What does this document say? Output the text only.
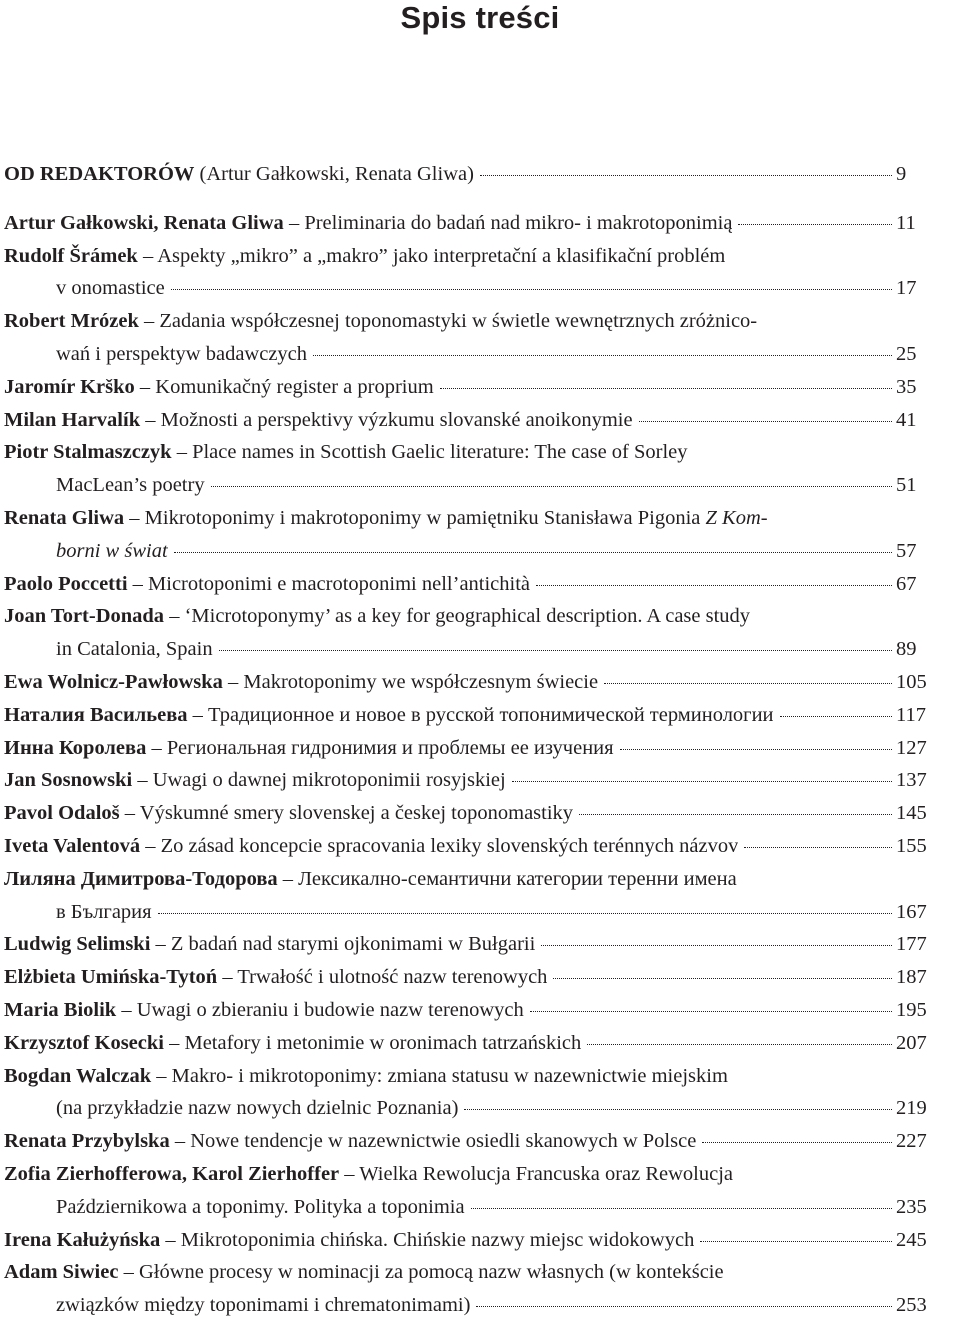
Spis treści
OD REDAKTORÓW (Artur Gałkowski, Renata Gliwa)	9
Artur Gałkowski, Renata Gliwa – Preliminaria do badań nad mikro- i makrotoponimią	11
Rudolf Šrámek – Aspekty „mikro” a „makro” jako interpretační a klasifikační problém
v onomastice	17
Robert Mrózek – Zadania współczesnej toponomastyki w świetle wewnętrznych zróżnico-
wań i perspektyw badawczych	25
Jaromír Krško – Komunikačný register a proprium	35
Milan Harvalík – Možnosti a perspektivy výzkumu slovanské anoikonymie	41
Piotr Stalmaszczyk – Place names in Scottish Gaelic literature: The case of Sorley
MacLean’s poetry	51
Renata Gliwa – Mikrotoponimy i makrotoponimy w pamiętniku Stanisława Pigonia Z Kom-
borni w świat	57
Paolo Poccetti – Microtoponimi e macrotoponimi nell’antichità	67
Joan Tort-Donada – ‘Microtoponymy’ as a key for geographical description. A case study
in Catalonia, Spain	89
Ewa Wolnicz-Pawłowska – Makrotoponimy we współczesnym świecie	105
Наталия Васильева – Традиционное и новое в русской топонимической терминологии	117
Инна Королева – Региональная гидронимия и проблемы ее изучения	127
Jan Sosnowski – Uwagi o dawnej mikrotoponimii rosyjskiej	137
Pavol Odaloš – Výskumné smery slovenskej a českej toponomastiky	145
Iveta Valentová – Zo zásad koncepcie spracovania lexiky slovenských terénnych názvov	155
Лиляна Димитрова-Тодорова – Лексикално-семантични категории теренни имена
в България	167
Ludwig Selimski – Z badań nad starymi ojkonimami w Bułgarii	177
Elżbieta Umińska-Tytoń – Trwałość i ulotność nazw terenowych	187
Maria Biolik – Uwagi o zbieraniu i budowie nazw terenowych	195
Krzysztof Kosecki – Metafory i metonimie w oronimach tatrzańskich	207
Bogdan Walczak – Makro- i mikrotoponimy: zmiana statusu w nazewnictwie miejskim
(na przykładzie nazw nowych dzielnic Poznania)	219
Renata Przybylska – Nowe tendencje w nazewnictwie osiedli skanowych w Polsce	227
Zofia Zierhofferowa, Karol Zierhoffer – Wielka Rewolucja Francuska oraz Rewolucja
Październikowa a toponimy. Polityka a toponimia	235
Irena Kałużyńska – Mikrotoponimia chińska. Chińskie nazwy miejsc widokowych	245
Adam Siwiec – Główne procesy w nominacji za pomocą nazw własnych (w kontekście
związków między toponimami i chrematonimami)	253
